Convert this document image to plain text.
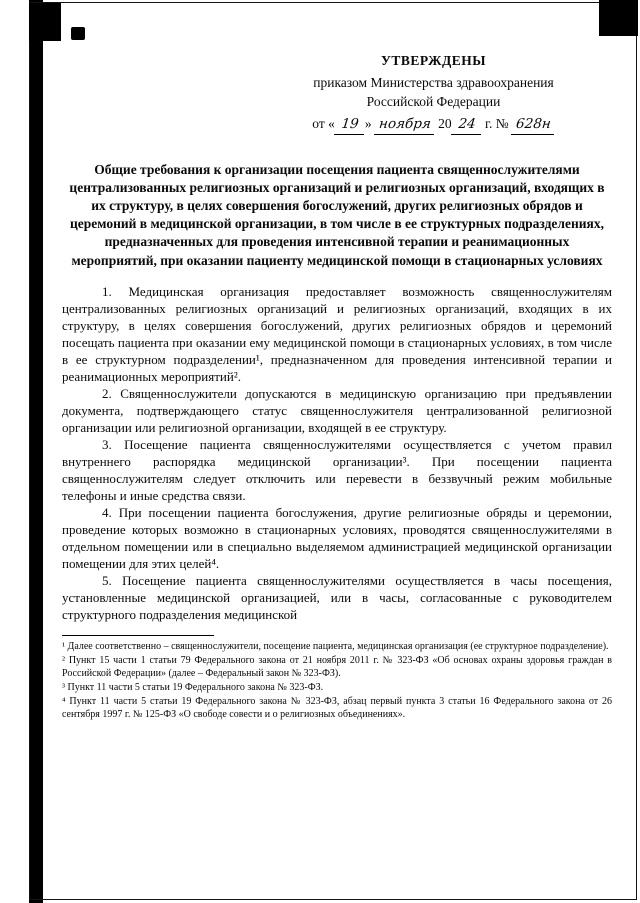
УТВЕРЖДЕНЫ
приказом Министерства здравоохранения
Российской Федерации
от « 19 » ноября 20 24 г. № 628н
Общие требования к организации посещения пациента священнослужителями централизованных религиозных организаций и религиозных организаций, входящих в их структуру, в целях совершения богослужений, других религиозных обрядов и церемоний в медицинской организации, в том числе в ее структурных подразделениях, предназначенных для проведения интенсивной терапии и реанимационных мероприятий, при оказании пациенту медицинской помощи в стационарных условиях

1. Медицинская организация предоставляет возможность священнослужителям централизованных религиозных организаций и религиозных организаций, входящих в их структуру, в целях совершения богослужений, других религиозных обрядов и церемоний посещать пациента при оказании ему медицинской помощи в стационарных условиях, в том числе в ее структурном подразделении¹, предназначенном для проведения интенсивной терапии и реанимационных мероприятий².

2. Священнослужители допускаются в медицинскую организацию при предъявлении документа, подтверждающего статус священнослужителя централизованной религиозной организации или религиозной организации, входящей в ее структуру.

3. Посещение пациента священнослужителями осуществляется с учетом правил внутреннего распорядка медицинской организации³. При посещении пациента священнослужителям следует отключить или перевести в беззвучный режим мобильные телефоны и иные средства связи.

4. При посещении пациента богослужения, другие религиозные обряды и церемонии, проведение которых возможно в стационарных условиях, проводятся священнослужителями в отдельном помещении или в специально выделяемом администрацией медицинской организации помещении для этих целей⁴.

5. Посещение пациента священнослужителями осуществляется в часы посещения, установленные медицинской организацией, или в часы, согласованные с руководителем структурного подразделения медицинской

¹ Далее соответственно – священнослужители, посещение пациента, медицинская организация (ее структурное подразделение).

² Пункт 15 части 1 статьи 79 Федерального закона от 21 ноября 2011 г. № 323-ФЗ «Об основах охраны здоровья граждан в Российской Федерации» (далее – Федеральный закон № 323-ФЗ).

³ Пункт 11 части 5 статьи 19 Федерального закона № 323-ФЗ.

⁴ Пункт 11 части 5 статьи 19 Федерального закона № 323-ФЗ, абзац первый пункта 3 статьи 16 Федерального закона от 26 сентября 1997 г. № 125-ФЗ «О свободе совести и о религиозных объединениях».
